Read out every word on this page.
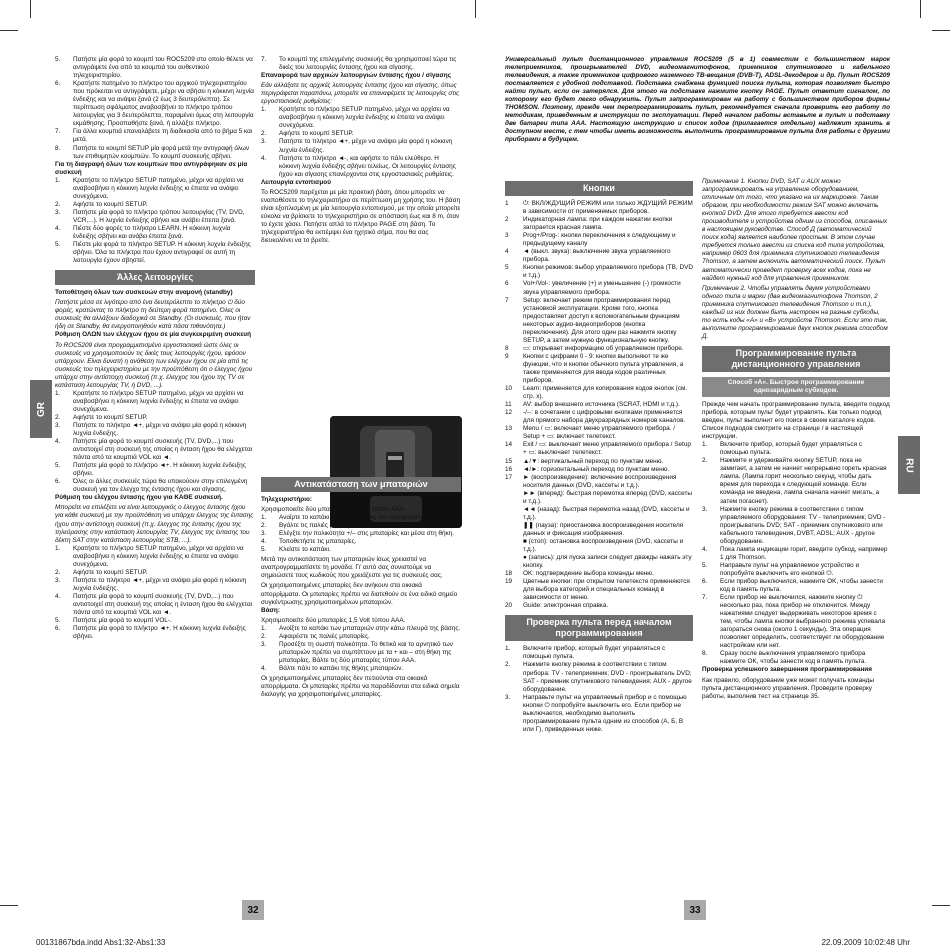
5.	Πατήστε μία φορά το κουμπί του ROC5209 στο οποίο θέλετε να αντιγράψετε ένα από τα κουμπιά του αυθεντικού τηλεχειριστηρίου.
6.	Κρατήστε πατημένο το πλήκτρο του αρχικού τηλεχειριστηρίου που πρόκειται να αντιγράψετε, μέχρι να σβήσει η κόκκινη λυχνία ένδειξης και να ανάψει ξανά (2 έως 3 δευτερόλεπτα). Σε περίπτωση σφάλματος αναβοσβήνει το πλήκτρο τρόπου λειτουργίας για 3 δευτερόλεπτα, παραμένει όμως στη λειτουργία εκμάθησης. Προσπαθήστε ξανά, ή αλλάξτε πλήκτρο.
7.	Για άλλα κουμπιά επαναλάβετε τη διαδικασία από το βήμα 5 και μετά.
8.	Πατήστε το κουμπί SETUP μία φορά μετά την αντιγραφή όλων των επιθυμητών κουμπιών. Το κουμπί συσκευής σβήνει.

Για τη διαγραφή όλων των κουμπιών που αντιγράφηκαν σε μία συσκευή

1.	Κρατήστε το πλήκτρο SETUP πατημένο, μέχρι να αρχίσει να αναβοσβήνει η κόκκινη λυχνία ένδειξης κι έπειτα να ανάψει συνεχόμενα.
2.	Αφήστε το κουμπί SETUP.
3.	Πατήστε μία φορά το πλήκτρο τρόπου λειτουργίας (TV, DVD, VCR,...). Η λυχνία ένδειξης σβήνει και ανάβει έπειτα ξανά.
4.	Πιέστε δύο φορές το πλήκτρο LEARN. Η κόκκινη λυχνία ένδειξης σβήνει και ανάβει έπειτα ξανά.
5.	Πιέστε μία φορά το πλήκτρο SETUP. Η κόκκινη λυχνία ένδειξης σβήνει. Όλα τα πλήκτρα που έχουν αντιγραφεί σε αυτή τη λειτουργία έχουν σβηστεί.
Άλλες λειτουργίες

Τοποθέτηση όλων των συσκευών στην αναμονή (standby)

Πατήστε μέσα σε λιγότερο από ένα δευτερόλεπτο το πλήκτρο ⏻ δύο φορές, κρατώντας το πλήκτρο τη δεύτερη φορά πατημένο. Όλες οι συσκευές θα αλλάξουν διαδοχικά σε Standby. (Οι συσκευές, που ήταν ήδη σε Standby, θα ενεργοποιηθούν κατά πάσα πιθανότητα.)

Ρύθμιση ΟΛΩΝ των ελέγχων ήχου σε μία συγκεκριμένη συσκευή

Το ROC5209 είναι προγραμματισμένο εργοστασιακά ώστε όλες οι συσκευές να χρησιμοποιούν τις δικές τους λειτουργίες ήχου, εφόσον υπάρχουν. Είναι δυνατή η ανάθεση των ελέγχων ήχου σε μία από τις συσκευές του τηλεχειριστηρίου με την προϋπόθεση ότι ο έλεγχος ήχου υπάρχει στην αντίστοιχη συσκευή (π.χ. έλεγχος του ήχου της TV σε κατάσταση λειτουργίας TV, ή DVD, ...).

1.	Κρατήστε το πλήκτρο SETUP πατημένο, μέχρι να αρχίσει να αναβοσβήνει η κόκκινη λυχνία ένδειξης κι έπειτα να ανάψει συνεχόμενα.
2.	Αφήστε το κουμπί SETUP.
3.	Πατήστε το πλήκτρο ◄+, μέχρι να ανάψει μία φορά η κόκκινη λυχνία ένδειξης.
4.	Πατήστε μία φορά το κουμπί συσκευής (TV, DVD,...) που αντιστοιχεί στη συσκευή της οποίας η ένταση ήχου θα ελέγχεται πάντα από τα κουμπιά VOL και ◄.
5.	Πατήστε μία φορά το πλήκτρο ◄+. Η κόκκινη λυχνία ένδειξης σβήνει.
6.	Όλες οι άλλες συσκευές τώρα θα υπακούουν στην επιλεγμένη συσκευή για τον έλεγχο της έντασης ήχου και σίγασης.

Ρύθμιση του ελέγχου έντασης ήχου για ΚΑΘΕ συσκευή.

Μπορείτε να επιλέξετε να είναι λειτουργικός ο έλεγχος έντασης ήχου για κάθε συσκευή με την προϋπόθεση να υπάρχει έλεγχος της έντασης ήχου στην αντίστοιχη συσκευή (π.χ. έλεγχος της έντασης ήχου της τηλεόρασης στην κατάσταση λειτουργίας TV, έλεγχος της έντασης του δέκτη SAT στην κατάσταση λειτουργίας STB, ...).

1.	Κρατήστε το πλήκτρο SETUP πατημένο, μέχρι να αρχίσει να αναβοσβήνει η κόκκινη λυχνία ένδειξης κι έπειτα να ανάψει συνεχόμενα.
2.	Αφήστε το κουμπί SETUP.
3.	Πατήστε το πλήκτρο ◄+, μέχρι να ανάψει μία φορά η κόκκινη λυχνία ένδειξης.
4.	Πατήστε μία φορά το κουμπί συσκευής (TV, DVD,...) που αντιστοιχεί στη συσκευή της οποίας η ένταση ήχου θα ελέγχεται πάντα από τα κουμπιά VOL και ◄.
5.	Πατήστε μία φορά το κουμπί VOL-.
6.	Πατήστε μία φορά το πλήκτρο ◄+. Η κόκκινη λυχνία ένδειξης σβήνει.
7.	Το κουμπί της επιλεγμένης συσκευής θα χρησιμοποιεί τώρα τις δικές του λειτουργίες έντασης ήχου και σίγασης.

Επαναφορά των αρχικών λειτουργιών έντασης ήχου / σίγασης

Εάν αλλάξατε τις αρχικές λειτουργίες έντασης ήχου και σίγασης, όπως περιγράφεται παραπάνω, μπορείτε να επαναφέρετε τις λειτουργίες στις εργοστασιακές ρυθμίσεις:

1.	Κρατήστε το πλήκτρο SETUP πατημένο, μέχρι να αρχίσει να αναβοσβήνει η κόκκινη λυχνία ένδειξης κι έπειτα να ανάψει συνεχόμενα.
2.	Αφήστε το κουμπί SETUP.
3.	Πατήστε το πλήκτρο ◄+, μέχρι να ανάψει μία φορά η κόκκινη λυχνία ένδειξης.
4.	Πατήστε το πλήκτρο ◄-, και αφήστε το πάλι ελεύθερο. Η κόκκινη λυχνία ένδειξης σβήνει τελείως. Οι λειτουργίες έντασης ήχου και σίγασης επανέρχονται στις εργοστασιακές ρυθμίσεις.

Λειτουργία εντοπισμού

Το ROC5209 παρέχεται με μία πρακτική βάση, όπου μπορείτε να εναποθέσετε το τηλεχειριστήριο σε περίπτωση μη χρήσης του. Η βάση είναι εξοπλισμένη με μία λειτουργία εντοπισμού, με την οποία μπορείτε εύκολα να βρίσκετε το τηλεχειριστήριο σε απόσταση έως και 8 m, όταν το έχετε χάσει. Πατήστε απλά το πλήκτρο PAGE στη βάση. Το τηλεχειριστήριο θα εκπέμψει ένα ηχητικό σήμα, που θα σας διευκολύνει να το βρείτε.

Αντικατάσταση των μπαταριών

Τηλεχειριστήριο:

Χρησιμοποιείτε δύο μπαταρίες 1,5 Volt τύπου AAA.

1.	Αναίρτε το καπάκι στο πίσω μέρος του τηλεχειριστηρίου.
2.	Βγάλτε τις παλιές μπαταρίες.
3.	Ελέγξτε την πολικότητα +/– στις μπαταρίες και μέσα στη θήκη.
4.	Τοποθετήστε τις μπαταρίες.
5.	Κλείστε το καπάκι.

Μετά την αντικατάσταση των μπαταριών ίσως χρειαστεί να αναπρογραμματίσετε τη μονάδα. Γι’ αυτό σας συνιστούμε να σημειώσετε τους κωδικούς που χρειάζεστε για τις συσκευές σας.

Οι χρησιμοποιημένες μπαταρίες δεν ανήκουν στα οικιακά απορρίμματα. Οι μπαταρίες πρέπει να διατεθούν σε ένα ειδικό σημείο συγκέντρωσης χρησιμοποιημένων μπαταριών.

Βάση:

Χρησιμοποιείτε δύο μπαταρίες 1,5 Volt τύπου AAA.

1.	Ανοίξτε το καπάκι των μπαταριών στην κάτω πλευρά της βάσης.
2.	Αφαιρέστε τις παλιές μπαταρίες.
3.	Προσέξτε τη σωστή πολικότητα. Το θετικό και το αρνητικό των μπαταριών πρέπει να συμπίπτουν με τα + και – στη θήκη της μπαταρίας. Βάλτε τις δύο μπαταρίες τύπου AAA.
4.	Βάλτε πάλι το καπάκι της θήκης μπαταριών.

Οι χρησιμοποιημένες μπαταρίες δεν πετιούνται στα οικιακά απορρίμματα. Οι μπαταρίες πρέπει να παραδίδονται στα ειδικά σημεία διαλογής για χρησιμοποιημένες μπαταρίες.

Универсальный пульт дистанционного управления ROC5209 (5 в 1) совместим с большинством марок телеприемников, проигрывателей DVD, видеомагнитофонов, приемников спутникового и кабельного телевидения, а также приемников цифрового наземного ТВ-вещания (DVB-T), ADSL-декодеров и др. Пульт ROC5209 поставляется с удобной подставкой. Подставка снабжена функцией поиска пульта, которая позволяет быстро найти пульт, если он затерялся. Для этого на подставке нажмите кнопку PAGE. Пульт ответит сигналом, по которому его будет легко обнаружить. Пульт запрограммирован на работу с большинством приборов фирмы THOMSON. Поэтому, прежде чем перепрограммировать пульт, рекомендуется сначала проверить его работу по методикам, приведенным в инструкции по эксплуатации. Перед началом работы вставьте в пульт и подставку две батареи типа AAA. Настоящую инструкцию и список кодов (прилагается отдельно) надлежит хранить в доступном месте, с тем чтобы иметь возможность выполнить программирование пульта для работы с другими приборами в будущем.

Кнопки
1	⏻: ВКЛ/ЖДУЩИЙ РЕЖИМ или только ЖДУЩИЙ РЕЖИМ в зависимости от применяемых приборов.
2	Индикаторная лампа: при каждом нажатии кнопки загорается красная лампа.
3	Prog+/Prog-: кнопки переключения к следующему и предыдущему каналу
4	◄ (выкл. звука): выключение звука управляемого прибора.
5	Кнопки режимов: выбор управляемого прибора (ТВ, DVD и т.д.)
6	Vol+/Vol-: увеличение (+) и уменьшение (-) громкости звука управляемого прибора.
7	Setup: включает режим программирования перед установкой эксплуатации. Кроме того, кнопка предоставляет доступ к вспомогательным функциям некоторых аудио-видеоприборов (кнопка переключения). Для этого один раз нажмите кнопку SETUP, а затем нужную функциональную кнопку.
8	▭: открывает информацию об управляемом приборе.
9	Кнопки с цифрами 0 - 9: кнопки выполняют те же функции, что и кнопки обычного пульта управления, а также применяются для ввода кодов различных приборов.
10	Learn: применяется для копирования кодов кнопок (см. стр. x).
11	AV: выбор внешнего источника (SCRAT, HDMI и т.д.).
12	-/--: в сочетании с цифровыми кнопками применяется для прямого набора двухразрядных номеров каналов.
13	Menu / ▭: включает меню управляемого прибора. / Setup + ▭: включает телетекст.
14	Exit / ▭: выключает меню управляемого прибора / Setup + ▭: выключает телетекст.
15	▲/▼: вертикальный переход по пунктам меню.
16	◄/►: горизонтальный переход по пунктам меню.
17	► (воспроизведение): включение воспроизведения носителя данных (DVD, кассеты и т.д.).
►► (вперед): быстрая перемотка вперед (DVD, кассеты и т.д.).
◄◄ (назад): быстрая перемотка назад (DVD, кассеты и т.д.).
❚❚ (пауза): приостановка воспроизведения носителя данных и фиксация изображения.
■ (стоп): остановка воспроизведения (DVD, кассеты и т.д.).
● (запись): для пуска записи следует дважды нажать эту кнопку.
18	OK: подтверждение выбора команды меню.
19	Цветные кнопки: при открытом телетексте применяются для выбора категорий и специальных команд в зависимости от меню.
20	Guide: электронная справка.
Проверка пульта перед началом программирования
1.	Включите прибор, который будет управляться с помощью пульта.
2.	Нажмите кнопку режима в соответствии с типом прибора: TV - телеприемник; DVD - проигрыватель DVD; SAT - приемник спутникового телевидения; AUX - другое оборудование.
3.	Направьте пульт на управляемый прибор и с помощью кнопки ⏻ попробуйте выключить его. Если прибор не выключается, необходимо выполнить программирование пульта одним из способов (А, Б, В или Г), приведенных ниже.

Примечание 1. Кнопки DVD, SAT и AUX можно запрограммировать на управление оборудованием, отличным от того, что указано на их маркировке. Таким образом, при необходимости режим SAT можно включать кнопкой DVD. Для этого требуется ввести код производителя и устройства одним из способов, описанных в настоящем руководстве. Способ Д (автоматический поиск кода) является наиболее простым. В этом случае требуется только ввести из списка код типа устройства, например 0603 для приемника спутникового телевидения Thomson, а затем включить автоматический поиск. Пульт автоматически проведет проверку всех кодов, пока не найдет нужный код для управления приемником.

Примечание 2. Чтобы управлять двумя устройствами одного типа и марки (два видеомагнитофона Thomson, 2 приемника спутникового телевидения Thomson и т.п.), каждый из них должен быть настроен на разные субкоды, то есть коды «A» и «B» устройств Thomson. Если это так, выполните программирование двух кнопок режима способом Д.

Программирование пульта дистанционного управления
Способ «A». Быстрое программирование однозарядным субкодом.

Прежде чем начать программирование пульта, введите подкод прибора, которым пульт будет управлять. Как только подкод введен, пульт выполнит его поиск в своем каталоге кодов. Список подкодов смотрите на странице / в настоящей инструкции.

1.	Включите прибор, который будет управляться с помощью пульта.
2.	Нажмите и удерживайте кнопку SETUP, пока не замигает, а затем не начнет непрерывно гореть красная лампа. (Лампа горит несколько секунд, чтобы дать время для перехода к следующей команде. Если команда не введена, лампа сначала начнет мигать, а затем погаснет).
3.	Нажмите кнопку режима в соответствии с типом управляемого оборудования: TV - телеприемник; DVD - проигрыватель DVD; SAT - приемник спутникового или кабельного телевидения, DVBT, ADSL; AUX - другое оборудование.
4.	Пока лампа индикации горит, введите субкод, например 1 для Thomson.
5.	Направьте пульт на управляемое устройство и попробуйте выключить его кнопкой ⏻.
6.	Если прибор выключился, нажмите OK, чтобы занести код в память пульта.
7.	Если прибор не выключился, нажмите кнопку ⏻ несколько раз, пока прибор не отключится. Между нажатиями следует выдерживать некоторое время с тем, чтобы лампа кнопки выбранного режима успевала загораться снова (около 1 секунды). Эта операция позволяет определить, соответствует ли оборудование настройкам или нет.
8.	Сразу после выключения управляемого прибора нажмите OK, чтобы занести код в память пульта.

Проверка успешного завершения программирования

Как правило, оборудование уже может получать команды пульта дистанционного управления. Проведите проверку работы, выполнив тест на странице 35.

GR
RU
32	33
00131867bda.indd Abs1:32-Abs1:33	22.09.2009 10:02:48 Uhr
